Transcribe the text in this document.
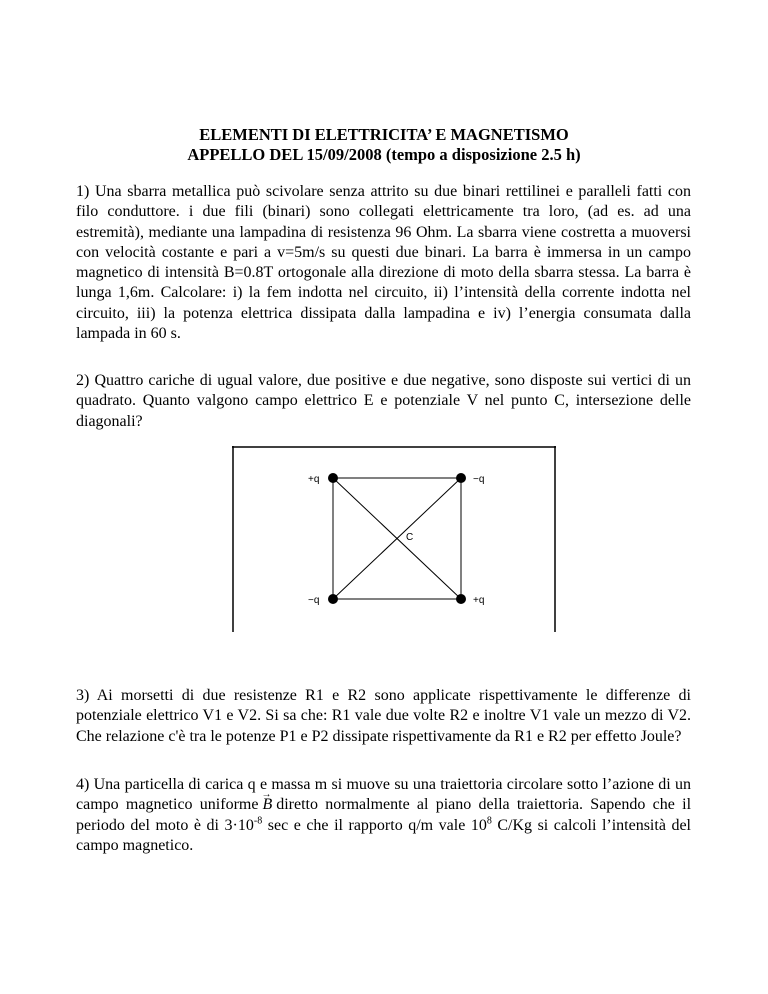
ELEMENTI DI ELETTRICITA’ E MAGNETISMO
APPELLO DEL 15/09/2008 (tempo a disposizione 2.5 h)
1) Una sbarra metallica può scivolare senza attrito su due binari rettilinei e paralleli fatti con filo conduttore. i due fili (binari) sono collegati elettricamente tra loro, (ad es. ad una estremità), mediante una lampadina di resistenza 96 Ohm. La sbarra viene costretta a muoversi con velocità costante e pari a v=5m/s su questi due binari. La barra è immersa in un campo magnetico di intensità B=0.8T ortogonale alla direzione di moto della sbarra stessa. La barra è lunga 1,6m. Calcolare: i) la fem indotta nel circuito, ii) l’intensità della corrente indotta nel circuito, iii) la potenza elettrica dissipata dalla lampadina e iv) l’energia consumata dalla lampada in 60 s.
2) Quattro cariche di ugual valore, due positive e due negative, sono disposte sui vertici di un quadrato. Quanto valgono campo elettrico E e potenziale V nel punto C, intersezione delle diagonali?
+q	−q
−q	+q
C
3) Ai morsetti di due resistenze R1 e R2 sono applicate rispettivamente le differenze di potenziale elettrico V1 e V2. Si sa che: R1 vale due volte R2 e inoltre V1 vale un mezzo di V2. Che relazione c'è tra le potenze P1 e P2 dissipate rispettivamente da R1 e R2 per effetto Joule?
4) Una particella di carica q e massa m si muove su una traiettoria circolare sotto l’azione di un campo magnetico uniforme→ B diretto normalmente al piano della traiettoria. Sapendo che il periodo del moto è di $3\cdot 10^{-8}$ sec e che il rapporto q/m vale $10^8$ C/Kg si calcoli l’intensità del campo magnetico.
